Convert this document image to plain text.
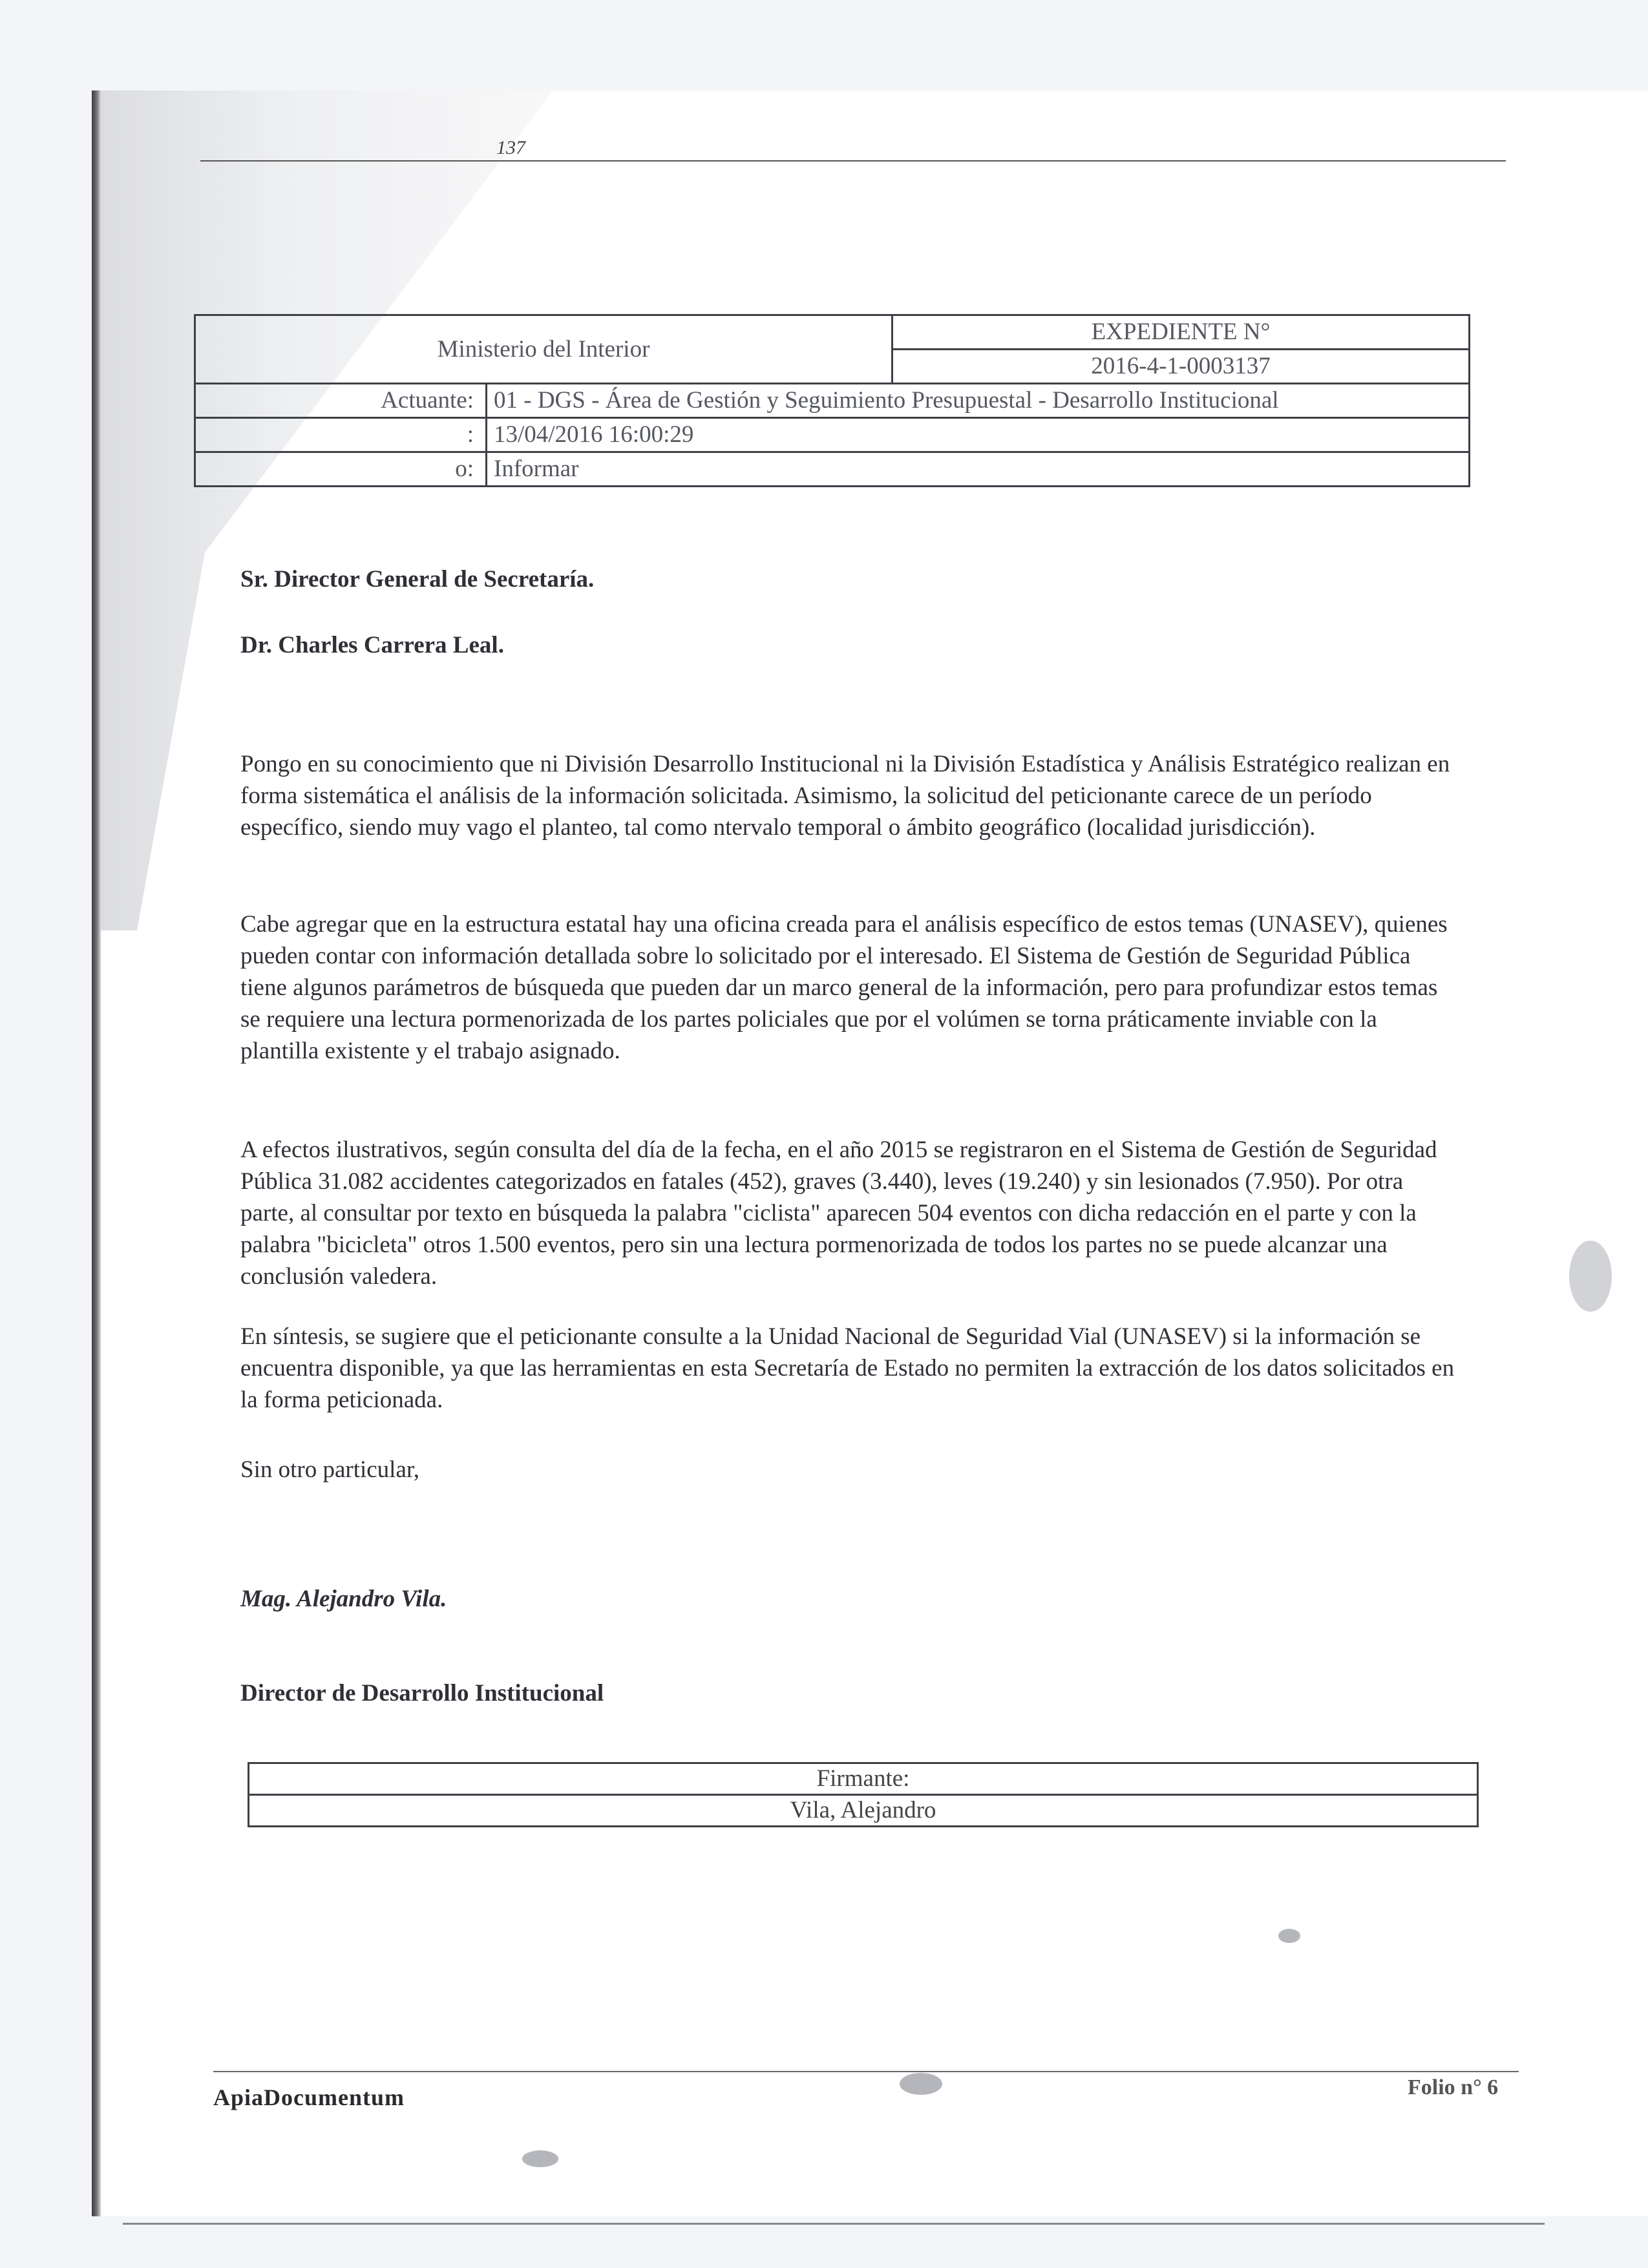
137
Ministerio del Interior		EXPEDIENTE N°
		2016-4-1-0003137
Actuante:	01 - DGS - Área de Gestión y Seguimiento Presupuestal - Desarrollo Institucional	
:	13/04/2016 16:00:29	
o:	Informar	
Sr. Director General de Secretaría.
Dr. Charles Carrera Leal.
Pongo en su conocimiento que ni División Desarrollo Institucional ni la División Estadística y Análisis Estratégico realizan en forma sistemática el análisis de la información solicitada. Asimismo, la solicitud del peticionante carece de un período específico, siendo muy vago el planteo, tal como ntervalo temporal o ámbito geográfico (localidad jurisdicción).
Cabe agregar que en la estructura estatal hay una oficina creada para el análisis específico de estos temas (UNASEV), quienes pueden contar con información detallada sobre lo solicitado por el interesado. El Sistema de Gestión de Seguridad Pública tiene algunos parámetros de búsqueda que pueden dar un marco general de la información, pero para profundizar estos temas se requiere una lectura pormenorizada de los partes policiales que por el volúmen se torna práticamente inviable con la plantilla existente y el trabajo asignado.
A efectos ilustrativos, según consulta del día de la fecha, en el año 2015 se registraron en el Sistema de Gestión de Seguridad Pública 31.082 accidentes categorizados en fatales (452), graves (3.440), leves (19.240) y sin lesionados (7.950). Por otra parte, al consultar por texto en búsqueda la palabra "ciclista" aparecen 504 eventos con dicha redacción en el parte y con la palabra "bicicleta" otros 1.500 eventos, pero sin una lectura pormenorizada de todos los partes no se puede alcanzar una conclusión valedera.
En síntesis, se sugiere que el peticionante consulte a la Unidad Nacional de Seguridad Vial (UNASEV) si la información se encuentra disponible, ya que las herramientas en esta Secretaría de Estado no permiten la extracción de los datos solicitados en la forma peticionada.
Sin otro particular,
Mag. Alejandro Vila.
Director de Desarrollo Institucional
Firmante:
Vila, Alejandro
ApiaDocumentum	Folio n° 6
